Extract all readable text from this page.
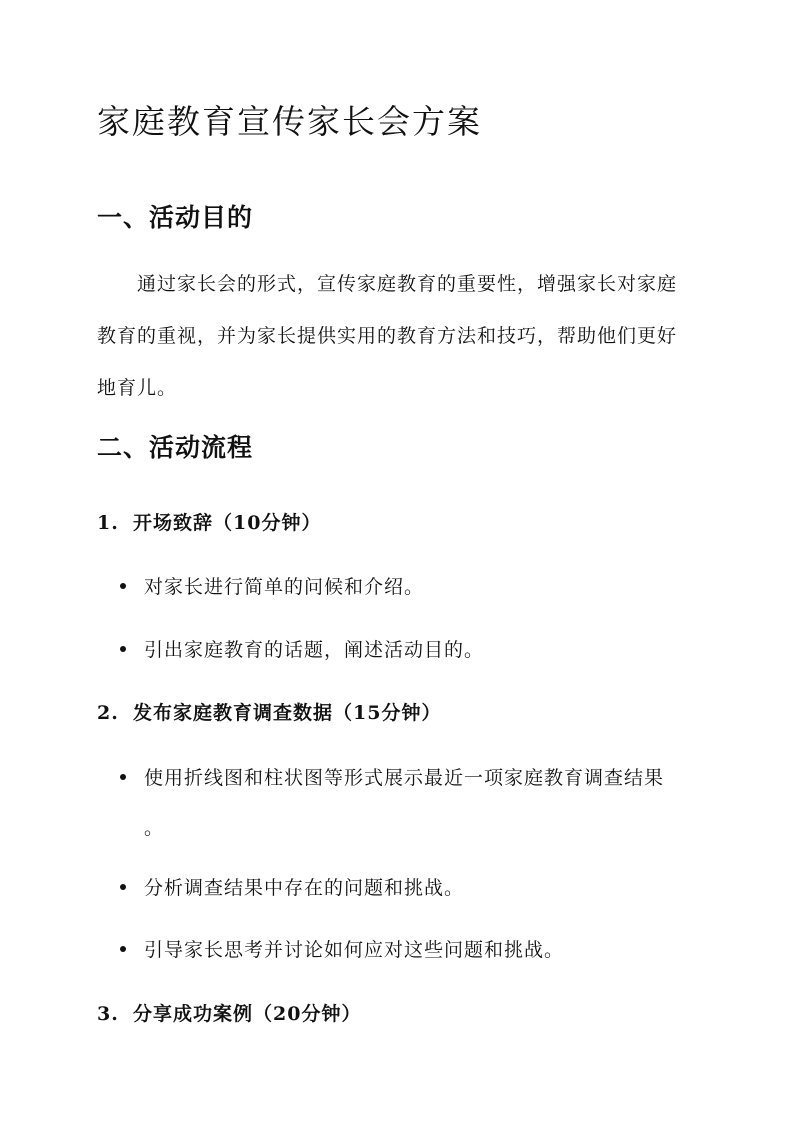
家庭教育宣传家长会方案
一、活动目的
通过家长会的形式，宣传家庭教育的重要性，增强家长对家庭
教育的重视，并为家长提供实用的教育方法和技巧，帮助他们更好
地育儿。
二、活动流程
1. 开场致辞（10分钟）
对家长进行简单的问候和介绍。
引出家庭教育的话题，阐述活动目的。
2. 发布家庭教育调查数据（15分钟）
使用折线图和柱状图等形式展示最近一项家庭教育调查结果
。
分析调查结果中存在的问题和挑战。
引导家长思考并讨论如何应对这些问题和挑战。
3. 分享成功案例（20分钟）
